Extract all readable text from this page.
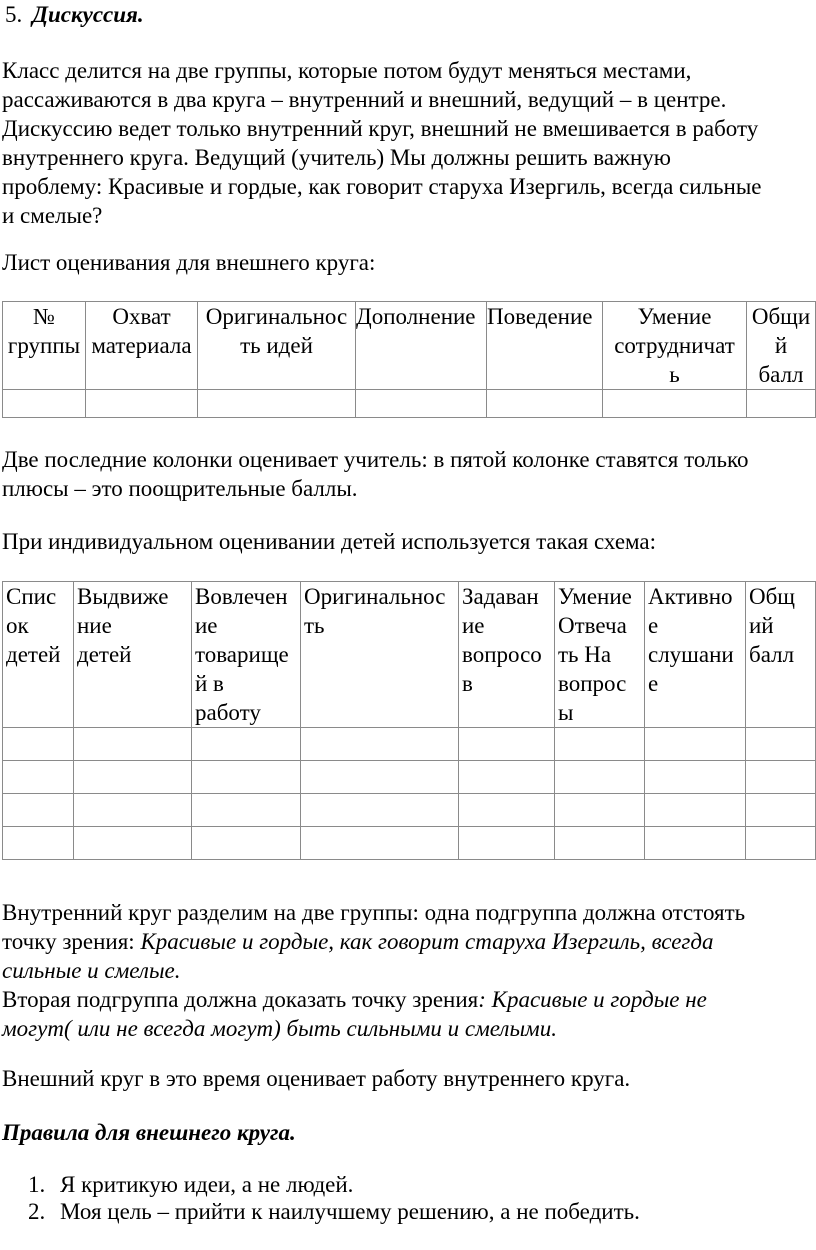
5. Дискуссия.
Класс делится на две группы, которые потом будут меняться местами,
рассаживаются в два круга – внутренний и внешний, ведущий – в центре.
Дискуссию ведет только внутренний круг, внешний не вмешивается в работу
внутреннего круга. Ведущий (учитель) Мы должны решить важную
проблему: Красивые и гордые, как говорит старуха Изергиль, всегда сильные
и смелые?
Лист оценивания для внешнего круга:
№
группы	Охват
материала	Оригинальнос
ть идей	Дополнение	Поведение	Умение
сотрудничат
ь	Общи
й
балл

Две последние колонки оценивает учитель: в пятой колонке ставятся только
плюсы – это поощрительные баллы.
При индивидуальном оценивании детей используется такая схема:
Спис
ок
детей	Выдвиже
ние
детей	Вовлечен
ие
товарище
й в
работу	Оригинальнос
ть	Задаван
ие
вопросо
в	Умение
Отвеча
ть На
вопрос
ы	Активно
е
слушани
е	Общ
ий
балл

Внутренний круг разделим на две группы: одна подгруппа должна отстоять
точку зрения: Красивые и гордые, как говорит старуха Изергиль, всегда
сильные и смелые.
Вторая подгруппа должна доказать точку зрения: Красивые и гордые не
могут( или не всегда могут) быть сильными и смелыми.
Внешний круг в это время оценивает работу внутреннего круга.
Правила для внешнего круга.
1. Я критикую идеи, а не людей.
2. Моя цель – прийти к наилучшему решению, а не победить.
